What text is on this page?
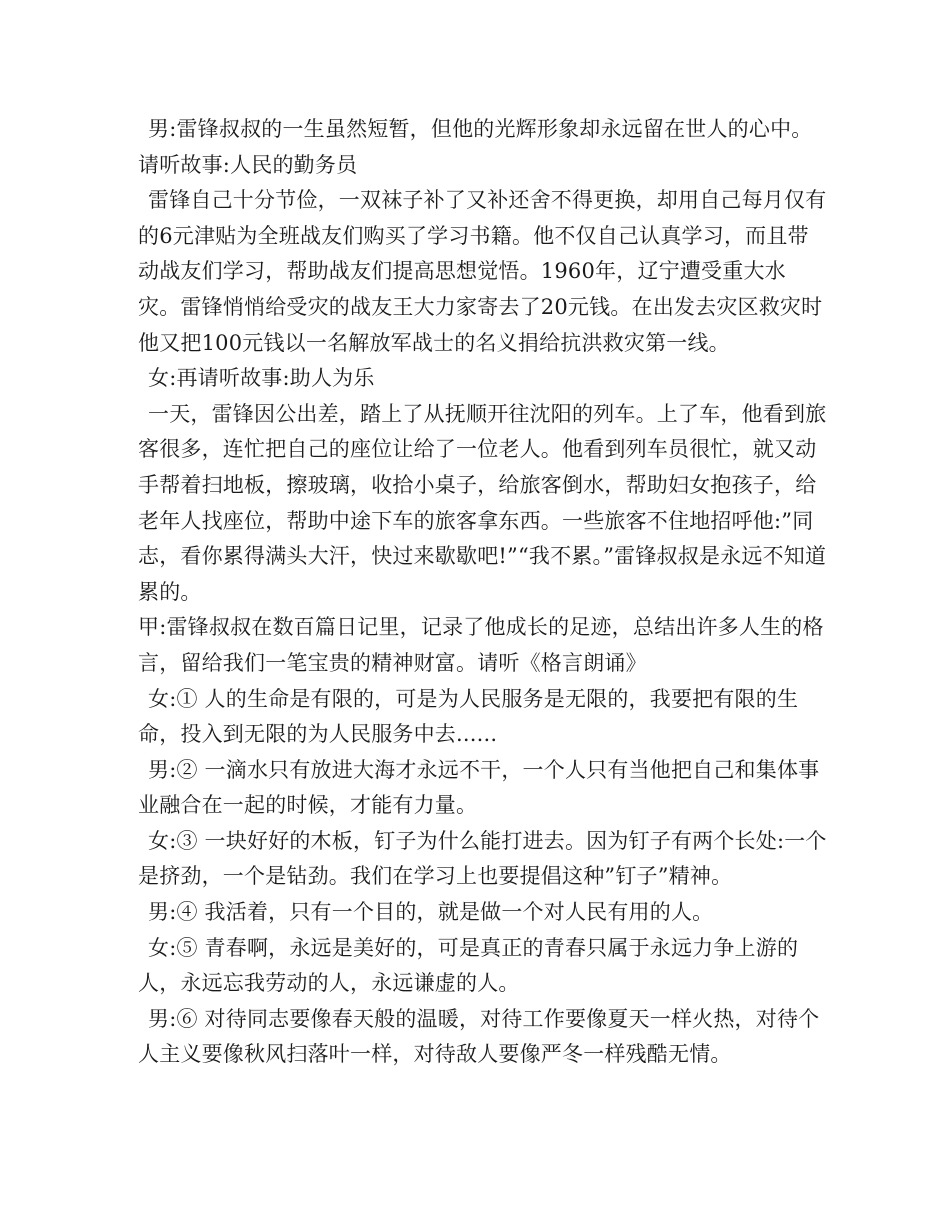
男:雷锋叔叔的一生虽然短暂，但他的光辉形象却永远留在世人的心中。

请听故事:人民的勤务员

雷锋自己十分节俭，一双袜子补了又补还舍不得更换，却用自己每月仅有的6元津贴为全班战友们购买了学习书籍。他不仅自己认真学习，而且带动战友们学习，帮助战友们提高思想觉悟。1960年，辽宁遭受重大水灾。雷锋悄悄给受灾的战友王大力家寄去了20元钱。在出发去灾区救灾时他又把100元钱以一名解放军战士的名义捐给抗洪救灾第一线。

女:再请听故事:助人为乐

一天，雷锋因公出差，踏上了从抚顺开往沈阳的列车。上了车，他看到旅客很多，连忙把自己的座位让给了一位老人。他看到列车员很忙，就又动手帮着扫地板，擦玻璃，收拾小桌子，给旅客倒水，帮助妇女抱孩子，给老年人找座位，帮助中途下车的旅客拿东西。一些旅客不住地招呼他:”同志，看你累得满头大汗，快过来歇歇吧!”“我不累。”雷锋叔叔是永远不知道累的。

甲:雷锋叔叔在数百篇日记里，记录了他成长的足迹，总结出许多人生的格言，留给我们一笔宝贵的精神财富。请听《格言朗诵》

女:① 人的生命是有限的，可是为人民服务是无限的，我要把有限的生命，投入到无限的为人民服务中去......

男:② 一滴水只有放进大海才永远不干，一个人只有当他把自己和集体事业融合在一起的时候，才能有力量。

女:③ 一块好好的木板，钉子为什么能打进去。因为钉子有两个长处:一个是挤劲，一个是钻劲。我们在学习上也要提倡这种”钉子”精神。

男:④ 我活着，只有一个目的，就是做一个对人民有用的人。

女:⑤ 青春啊，永远是美好的，可是真正的青春只属于永远力争上游的人，永远忘我劳动的人，永远谦虚的人。

男:⑥ 对待同志要像春天般的温暖，对待工作要像夏天一样火热，对待个人主义要像秋风扫落叶一样，对待敌人要像严冬一样残酷无情。
